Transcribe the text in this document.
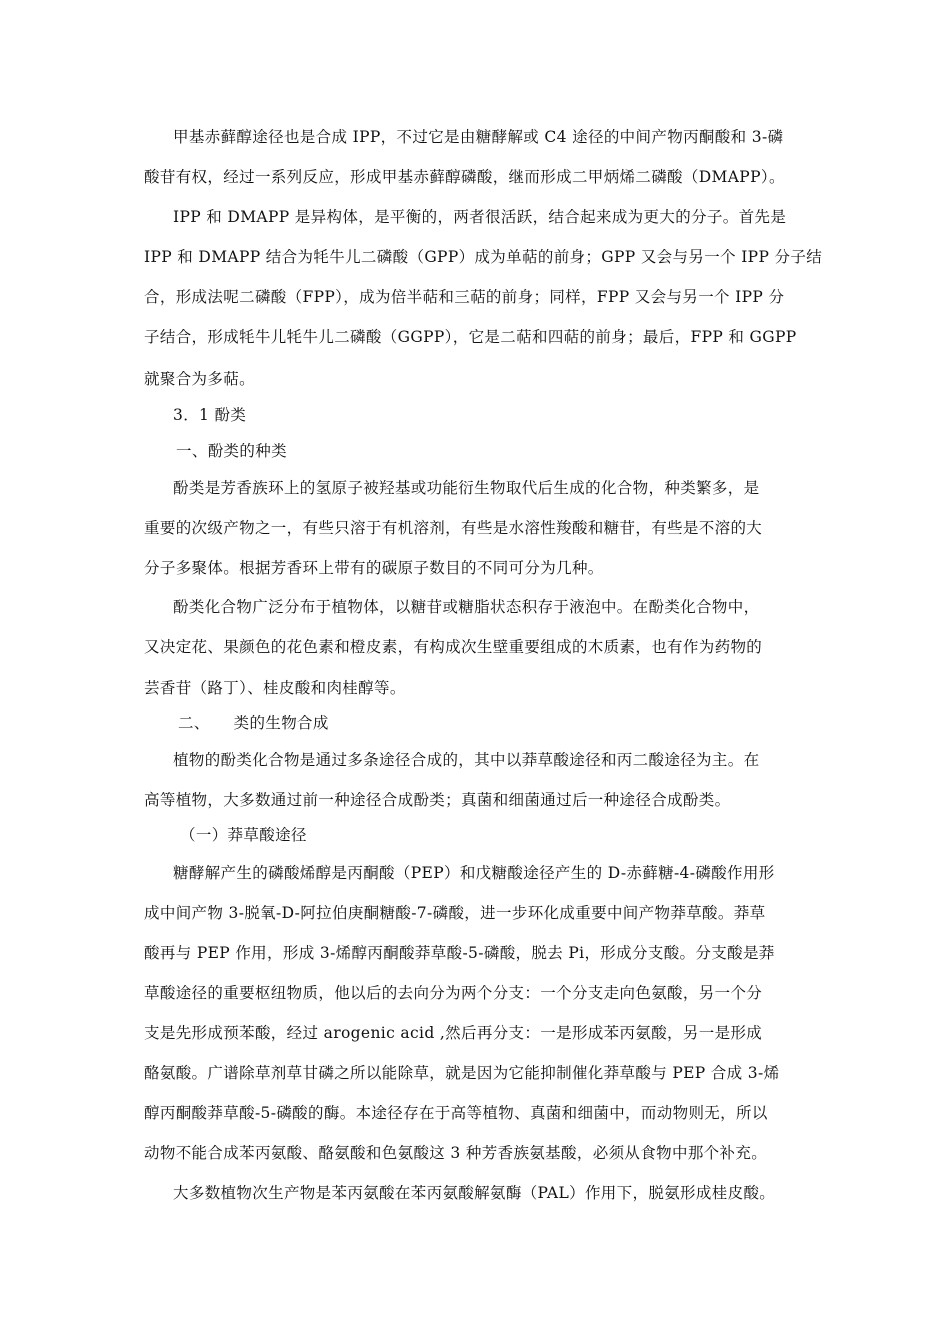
甲基赤藓醇途径也是合成 IPP，不过它是由糖酵解或 C4 途径的中间产物丙酮酸和 3-磷
酸苷有权，经过一系列反应，形成甲基赤藓醇磷酸，继而形成二甲炳烯二磷酸（DMAPP）。
IPP 和 DMAPP 是异构体，是平衡的，两者很活跃，结合起来成为更大的分子。首先是
IPP 和 DMAPP 结合为牦牛儿二磷酸（GPP）成为单萜的前身；GPP 又会与另一个 IPP 分子结
合，形成法呢二磷酸（FPP），成为倍半萜和三萜的前身；同样，FPP 又会与另一个 IPP 分
子结合，形成牦牛儿牦牛儿二磷酸（GGPP），它是二萜和四萜的前身；最后，FPP 和 GGPP
就聚合为多萜。
3．1 酚类
一、酚类的种类
酚类是芳香族环上的氢原子被羟基或功能衍生物取代后生成的化合物，种类繁多，是
重要的次级产物之一，有些只溶于有机溶剂，有些是水溶性羧酸和糖苷，有些是不溶的大
分子多聚体。根据芳香环上带有的碳原子数目的不同可分为几种。
酚类化合物广泛分布于植物体，以糖苷或糖脂状态积存于液泡中。在酚类化合物中，
又决定花、果颜色的花色素和橙皮素，有构成次生壁重要组成的木质素，也有作为药物的
芸香苷（路丁）、桂皮酸和肉桂醇等。
二、　　类的生物合成
植物的酚类化合物是通过多条途径合成的，其中以莽草酸途径和丙二酸途径为主。在
高等植物，大多数通过前一种途径合成酚类；真菌和细菌通过后一种途径合成酚类。
（一）莽草酸途径
糖酵解产生的磷酸烯醇是丙酮酸（PEP）和戊糖酸途径产生的 D-赤藓糖-4-磷酸作用形
成中间产物 3-脱氧-D-阿拉伯庚酮糖酸-7-磷酸，进一步环化成重要中间产物莽草酸。莽草
酸再与 PEP 作用，形成 3-烯醇丙酮酸莽草酸-5-磷酸，脱去 Pi，形成分支酸。分支酸是莽
草酸途径的重要枢纽物质，他以后的去向分为两个分支：一个分支走向色氨酸，另一个分
支是先形成预苯酸，经过 arogenic acid ,然后再分支：一是形成苯丙氨酸，另一是形成
酪氨酸。广谱除草剂草甘磷之所以能除草，就是因为它能抑制催化莽草酸与 PEP 合成 3-烯
醇丙酮酸莽草酸-5-磷酸的酶。本途径存在于高等植物、真菌和细菌中，而动物则无，所以
动物不能合成苯丙氨酸、酪氨酸和色氨酸这 3 种芳香族氨基酸，必须从食物中那个补充。
大多数植物次生产物是苯丙氨酸在苯丙氨酸解氨酶（PAL）作用下，脱氨形成桂皮酸。
